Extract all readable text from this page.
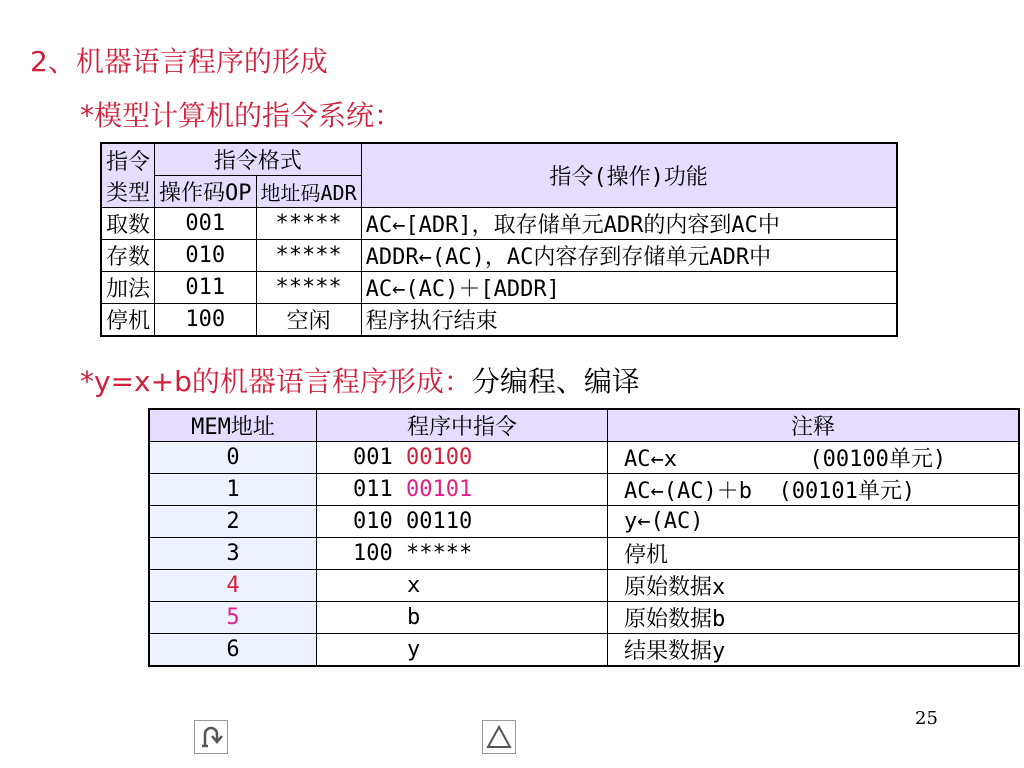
2、机器语言程序的形成
*模型计算机的指令系统：
指令
类型	指令格式		指令(操作)功能
	操作码OP	地址码ADR	
取数	001	*****	AC←[ADR]，取存储单元ADR的内容到AC中
存数	010	*****	ADDR←(AC)，AC内容存到存储单元ADR中
加法	011	*****	AC←(AC)＋[ADDR]
停机	100	空闲	程序执行结束
*y=x+b的机器语言程序形成：分编程、编译
MEM地址	程序中指令	注释
0	001 00100	AC←x          (00100单元)
1	011 00101	AC←(AC)＋b  (00101单元)
2	010 00110	y←(AC)
3	100 *****	停机
4	x	原始数据x
5	b	原始数据b
6	y	结果数据y
25
